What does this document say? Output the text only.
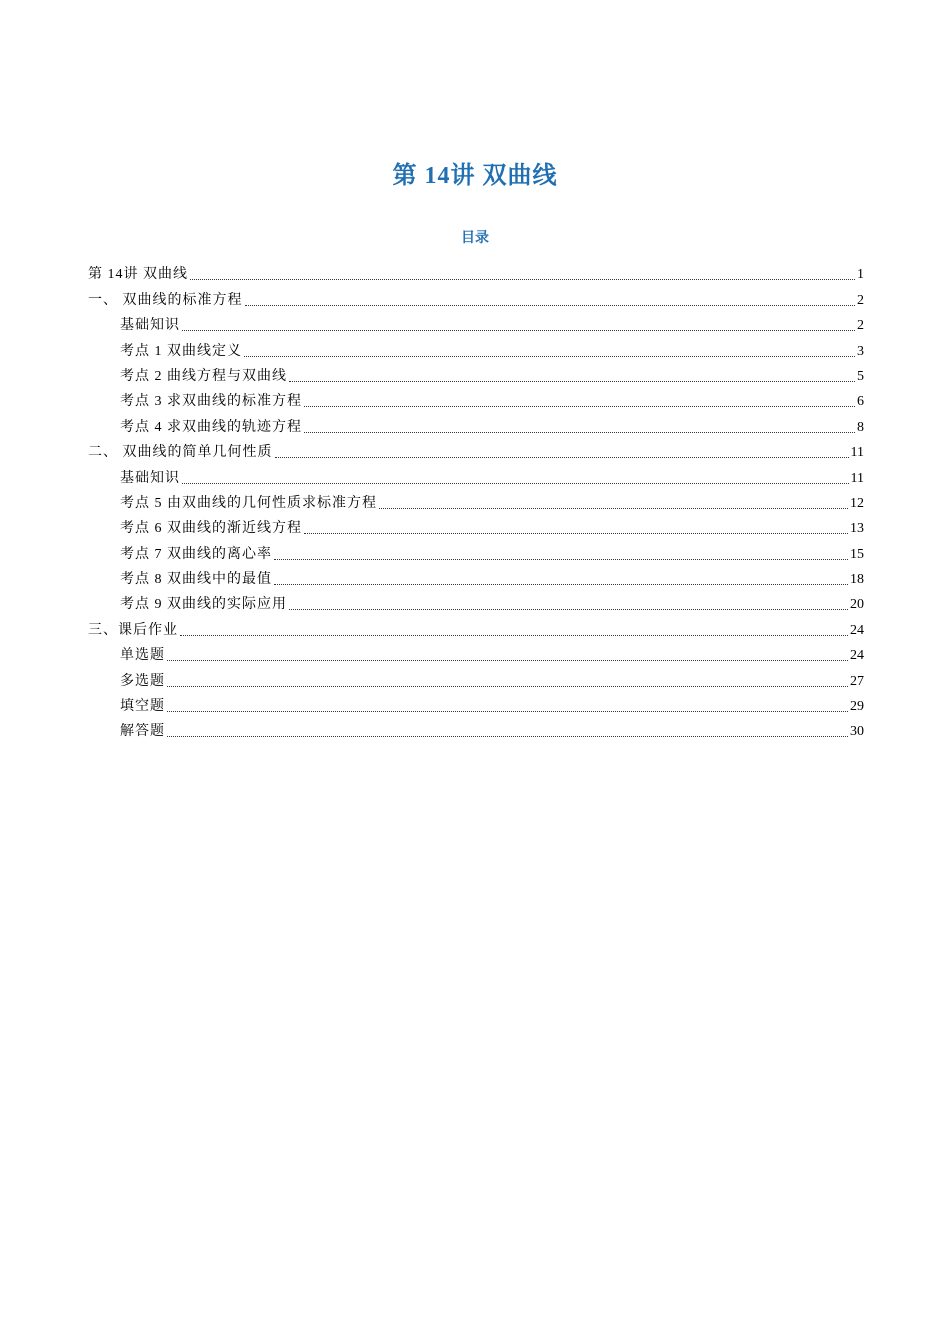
第 14讲 双曲线
目录
第 14讲 双曲线	1
一、 双曲线的标准方程	2
基础知识	2
考点 1 双曲线定义	3
考点 2 曲线方程与双曲线	5
考点 3 求双曲线的标准方程	6
考点 4 求双曲线的轨迹方程	8
二、 双曲线的简单几何性质	11
基础知识	11
考点 5 由双曲线的几何性质求标准方程	12
考点 6 双曲线的渐近线方程	13
考点 7 双曲线的离心率	15
考点 8 双曲线中的最值	18
考点 9 双曲线的实际应用	20
三、课后作业	24
单选题	24
多选题	27
填空题	29
解答题	30
